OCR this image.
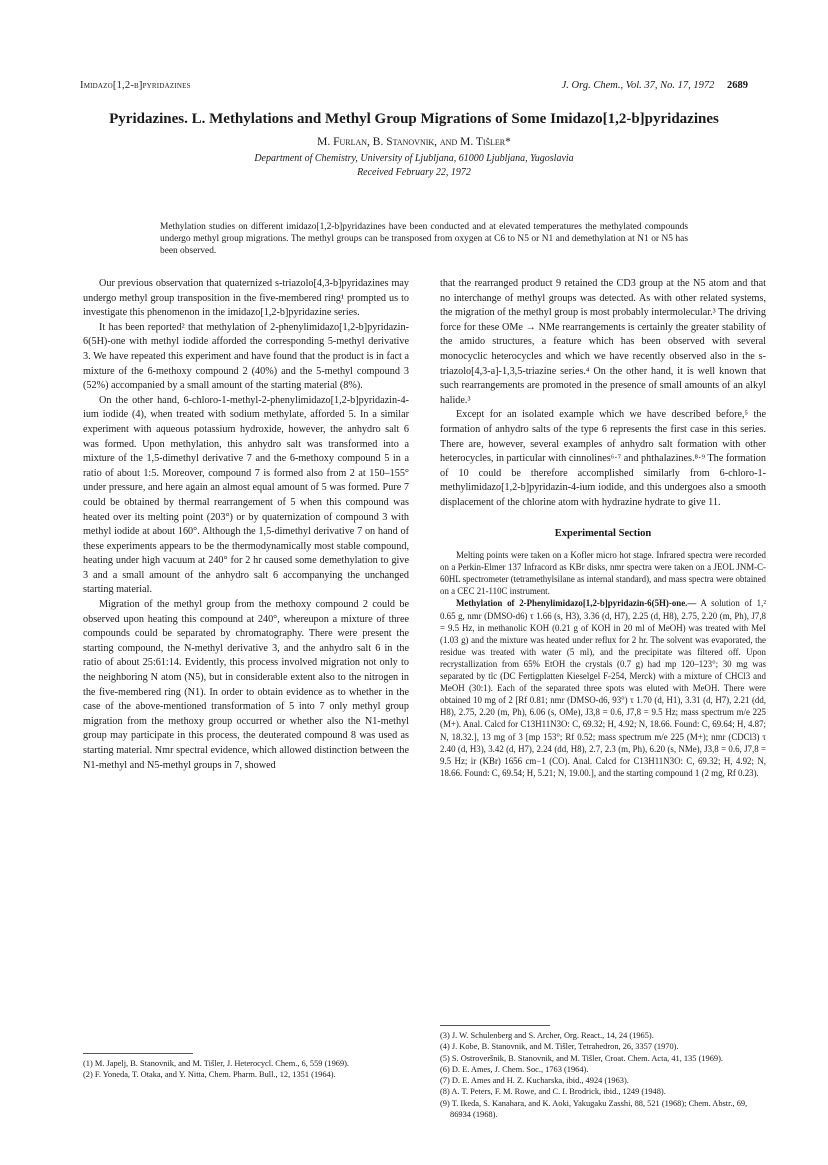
Imidazo[1,2-b]pyridazines	J. Org. Chem., Vol. 37, No. 17, 1972 2689
Pyridazines. L. Methylations and Methyl Group Migrations of Some Imidazo[1,2-b]pyridazines
M. Furlan, B. Stanovnik, and M. Tišler*
Department of Chemistry, University of Ljubljana, 61000 Ljubljana, Yugoslavia
Received February 22, 1972
Methylation studies on different imidazo[1,2-b]pyridazines have been conducted and at elevated temperatures the methylated compounds undergo methyl group migrations. The methyl groups can be transposed from oxygen at C6 to N5 or N1 and demethylation at N1 or N5 has been observed.

Our previous observation that quaternized s-triazolo[4,3-b]pyridazines may undergo methyl group transposition in the five-membered ring¹ prompted us to investigate this phenomenon in the imidazo[1,2-b]pyridazine series.

It has been reported² that methylation of 2-phenylimidazo[1,2-b]pyridazin-6(5H)-one with methyl iodide afforded the corresponding 5-methyl derivative 3. We have repeated this experiment and have found that the product is in fact a mixture of the 6-methoxy compound 2 (40%) and the 5-methyl compound 3 (52%) accompanied by a small amount of the starting material (8%).

On the other hand, 6-chloro-1-methyl-2-phenylimidazo[1,2-b]pyridazin-4-ium iodide (4), when treated with sodium methylate, afforded 5. In a similar experiment with aqueous potassium hydroxide, however, the anhydro salt 6 was formed. Upon methylation, this anhydro salt was transformed into a mixture of the 1,5-dimethyl derivative 7 and the 6-methoxy compound 5 in a ratio of about 1:5. Moreover, compound 7 is formed also from 2 at 150–155° under pressure, and here again an almost equal amount of 5 was formed. Pure 7 could be obtained by thermal rearrangement of 5 when this compound was heated over its melting point (203°) or by quaternization of compound 3 with methyl iodide at about 160°. Although the 1,5-dimethyl derivative 7 on hand of these experiments appears to be the thermodynamically most stable compound, heating under high vacuum at 240° for 2 hr caused some demethylation to give 3 and a small amount of the anhydro salt 6 accompanying the unchanged starting material.

Migration of the methyl group from the methoxy compound 2 could be observed upon heating this compound at 240°, whereupon a mixture of three compounds could be separated by chromatography. There were present the starting compound, the N-methyl derivative 3, and the anhydro salt 6 in the ratio of about 25:61:14. Evidently, this process involved migration not only to the neighboring N atom (N5), but in considerable extent also to the nitrogen in the five-membered ring (N1). In order to obtain evidence as to whether in the case of the above-mentioned transformation of 5 into 7 only methyl group migration from the methoxy group occurred or whether also the N1-methyl group may participate in this process, the deuterated compound 8 was used as starting material. Nmr spectral evidence, which allowed distinction between the N1-methyl and N5-methyl groups in 7, showed

that the rearranged product 9 retained the CD3 group at the N5 atom and that no interchange of methyl groups was detected. As with other related systems, the migration of the methyl group is most probably intermolecular.³ The driving force for these OMe → NMe rearrangements is certainly the greater stability of the amido structures, a feature which has been observed with several monocyclic heterocycles and which we have recently observed also in the s-triazolo[4,3-a]-1,3,5-triazine series.⁴ On the other hand, it is well known that such rearrangements are promoted in the presence of small amounts of an alkyl halide.³

Except for an isolated example which we have described before,⁵ the formation of anhydro salts of the type 6 represents the first case in this series. There are, however, several examples of anhydro salt formation with other heterocycles, in particular with cinnolines⁶·⁷ and phthalazines.⁸·⁹ The formation of 10 could be therefore accomplished similarly from 6-chloro-1-methylimidazo[1,2-b]pyridazin-4-ium iodide, and this undergoes also a smooth displacement of the chlorine atom with hydrazine hydrate to give 11.

Experimental Section

Melting points were taken on a Kofler micro hot stage. Infrared spectra were recorded on a Perkin-Elmer 137 Infracord as KBr disks, nmr spectra were taken on a JEOL JNM-C-60HL spectrometer (tetramethylsilane as internal standard), and mass spectra were obtained on a CEC 21-110C instrument.

Methylation of 2-Phenylimidazo[1,2-b]pyridazin-6(5H)-one.— A solution of 1,² 0.65 g, nmr (DMSO-d6) τ 1.66 (s, H3), 3.36 (d, H7), 2.25 (d, H8), 2.75, 2.20 (m, Ph), J7,8 = 9.5 Hz, in methanolic KOH (0.21 g of KOH in 20 ml of MeOH) was treated with MeI (1.03 g) and the mixture was heated under reflux for 2 hr. The solvent was evaporated, the residue was treated with water (5 ml), and the precipitate was filtered off. Upon recrystallization from 65% EtOH the crystals (0.7 g) had mp 120–123°; 30 mg was separated by tlc (DC Fertigplatten Kieselgel F-254, Merck) with a mixture of CHCl3 and MeOH (30:1). Each of the separated three spots was eluted with MeOH. There were obtained 10 mg of 2 [Rf 0.81; nmr (DMSO-d6, 93°) τ 1.70 (d, H1), 3.31 (d, H7), 2.21 (dd, H8), 2.75, 2.20 (m, Ph), 6.06 (s, OMe), J3,8 = 0.6, J7,8 = 9.5 Hz; mass spectrum m/e 225 (M+). Anal. Calcd for C13H11N3O: C, 69.32; H, 4.92; N, 18.66. Found: C, 69.64; H, 4.87; N, 18.32.], 13 mg of 3 [mp 153°; Rf 0.52; mass spectrum m/e 225 (M+); nmr (CDCl3) τ 2.40 (d, H3), 3.42 (d, H7), 2.24 (dd, H8), 2.7, 2.3 (m, Ph), 6.20 (s, NMe), J3,8 = 0.6, J7,8 = 9.5 Hz; ir (KBr) 1656 cm−1 (CO). Anal. Calcd for C13H11N3O: C, 69.32; H, 4.92; N, 18.66. Found: C, 69.54; H, 5.21; N, 19.00.], and the starting compound 1 (2 mg, Rf 0.23).

(1) M. Japelj, B. Stanovnik, and M. Tišler, J. Heterocycl. Chem., 6, 559 (1969).
(2) F. Yoneda, T. Otaka, and Y. Nitta, Chem. Pharm. Bull., 12, 1351 (1964).
(3) J. W. Schulenberg and S. Archer, Org. React., 14, 24 (1965).
(4) J. Kobe, B. Stanovnik, and M. Tišler, Tetrahedron, 26, 3357 (1970).
(5) S. Ostroveršnik, B. Stanovnik, and M. Tišler, Croat. Chem. Acta, 41, 135 (1969).
(6) D. E. Ames, J. Chem. Soc., 1763 (1964).
(7) D. E. Ames and H. Z. Kucharska, ibid., 4924 (1963).
(8) A. T. Peters, F. M. Rowe, and C. I. Brodrick, ibid., 1249 (1948).
(9) T. Ikeda, S. Kanahara, and K. Aoki, Yakugaku Zasshi, 88, 521 (1968); Chem. Abstr., 69, 86934 (1968).
